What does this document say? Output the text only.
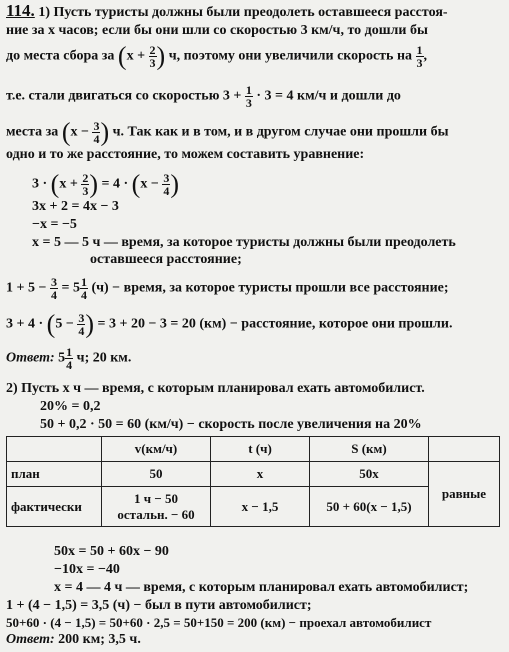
114. 1) Пусть туристы должны были преодолеть оставшееся расстоя-
ние за x часов; если бы они шли со скоростью 3 км/ч, то дошли бы
до места сбора за ($x + \frac{2}{3}$ ) ч, поэтому они увеличили скорость на $\frac{1}{3}$ ,
т.е. стали двигаться со скоростью $3 + \frac{1}{3} \cdot 3 = 4$ км/ч и дошли до
места за ($x - \frac{3}{4}$ ) ч. Так как и в том, и в другом случае они прошли бы
одно и то же расстояние, то можем составить уравнение:
$3 \cdot (x + \frac{2}{3}$ ) = $4 \cdot (x - \frac{3}{4}$ )
3x + 2 = 4x − 3
−x = −5
x = 5 — 5 ч — время, за которое туристы должны были преодолеть
оставшееся расстояние;
$1 + 5 - \frac{3}{4} = 5 \frac{1}{4} (ч)$ − время, за которое туристы прошли все расстояние;
$3 + 4 \cdot (5 - \frac{3}{4}$ ) = 3 + 20 − 3 = 20 (км) − расстояние, которое они прошли.
Ответ: $5 \frac{1}{4} ч$; 20 км.
2) Пусть x ч — время, с которым планировал ехать автомобилист.
20% = 0,2
50 + 0,2 · 50 = 60 (км/ч) − скорость после увеличения на 20%
	v(км/ч)	t (ч)	S (км)	
план	50	x	50x	равные
фактически	1 ч − 50
остальн. − 60	x − 1,5	50 + 60(x − 1,5)	
50x = 50 + 60x − 90
−10x = −40
x = 4 — 4 ч — время, с которым планировал ехать автомобилист;
1 + (4 − 1,5) = 3,5 (ч) − был в пути автомобилист;
50+60 · (4 − 1,5) = 50+60 · 2,5 = 50+150 = 200 (км) − проехал автомобилист
Ответ: 200 км; 3,5 ч.
